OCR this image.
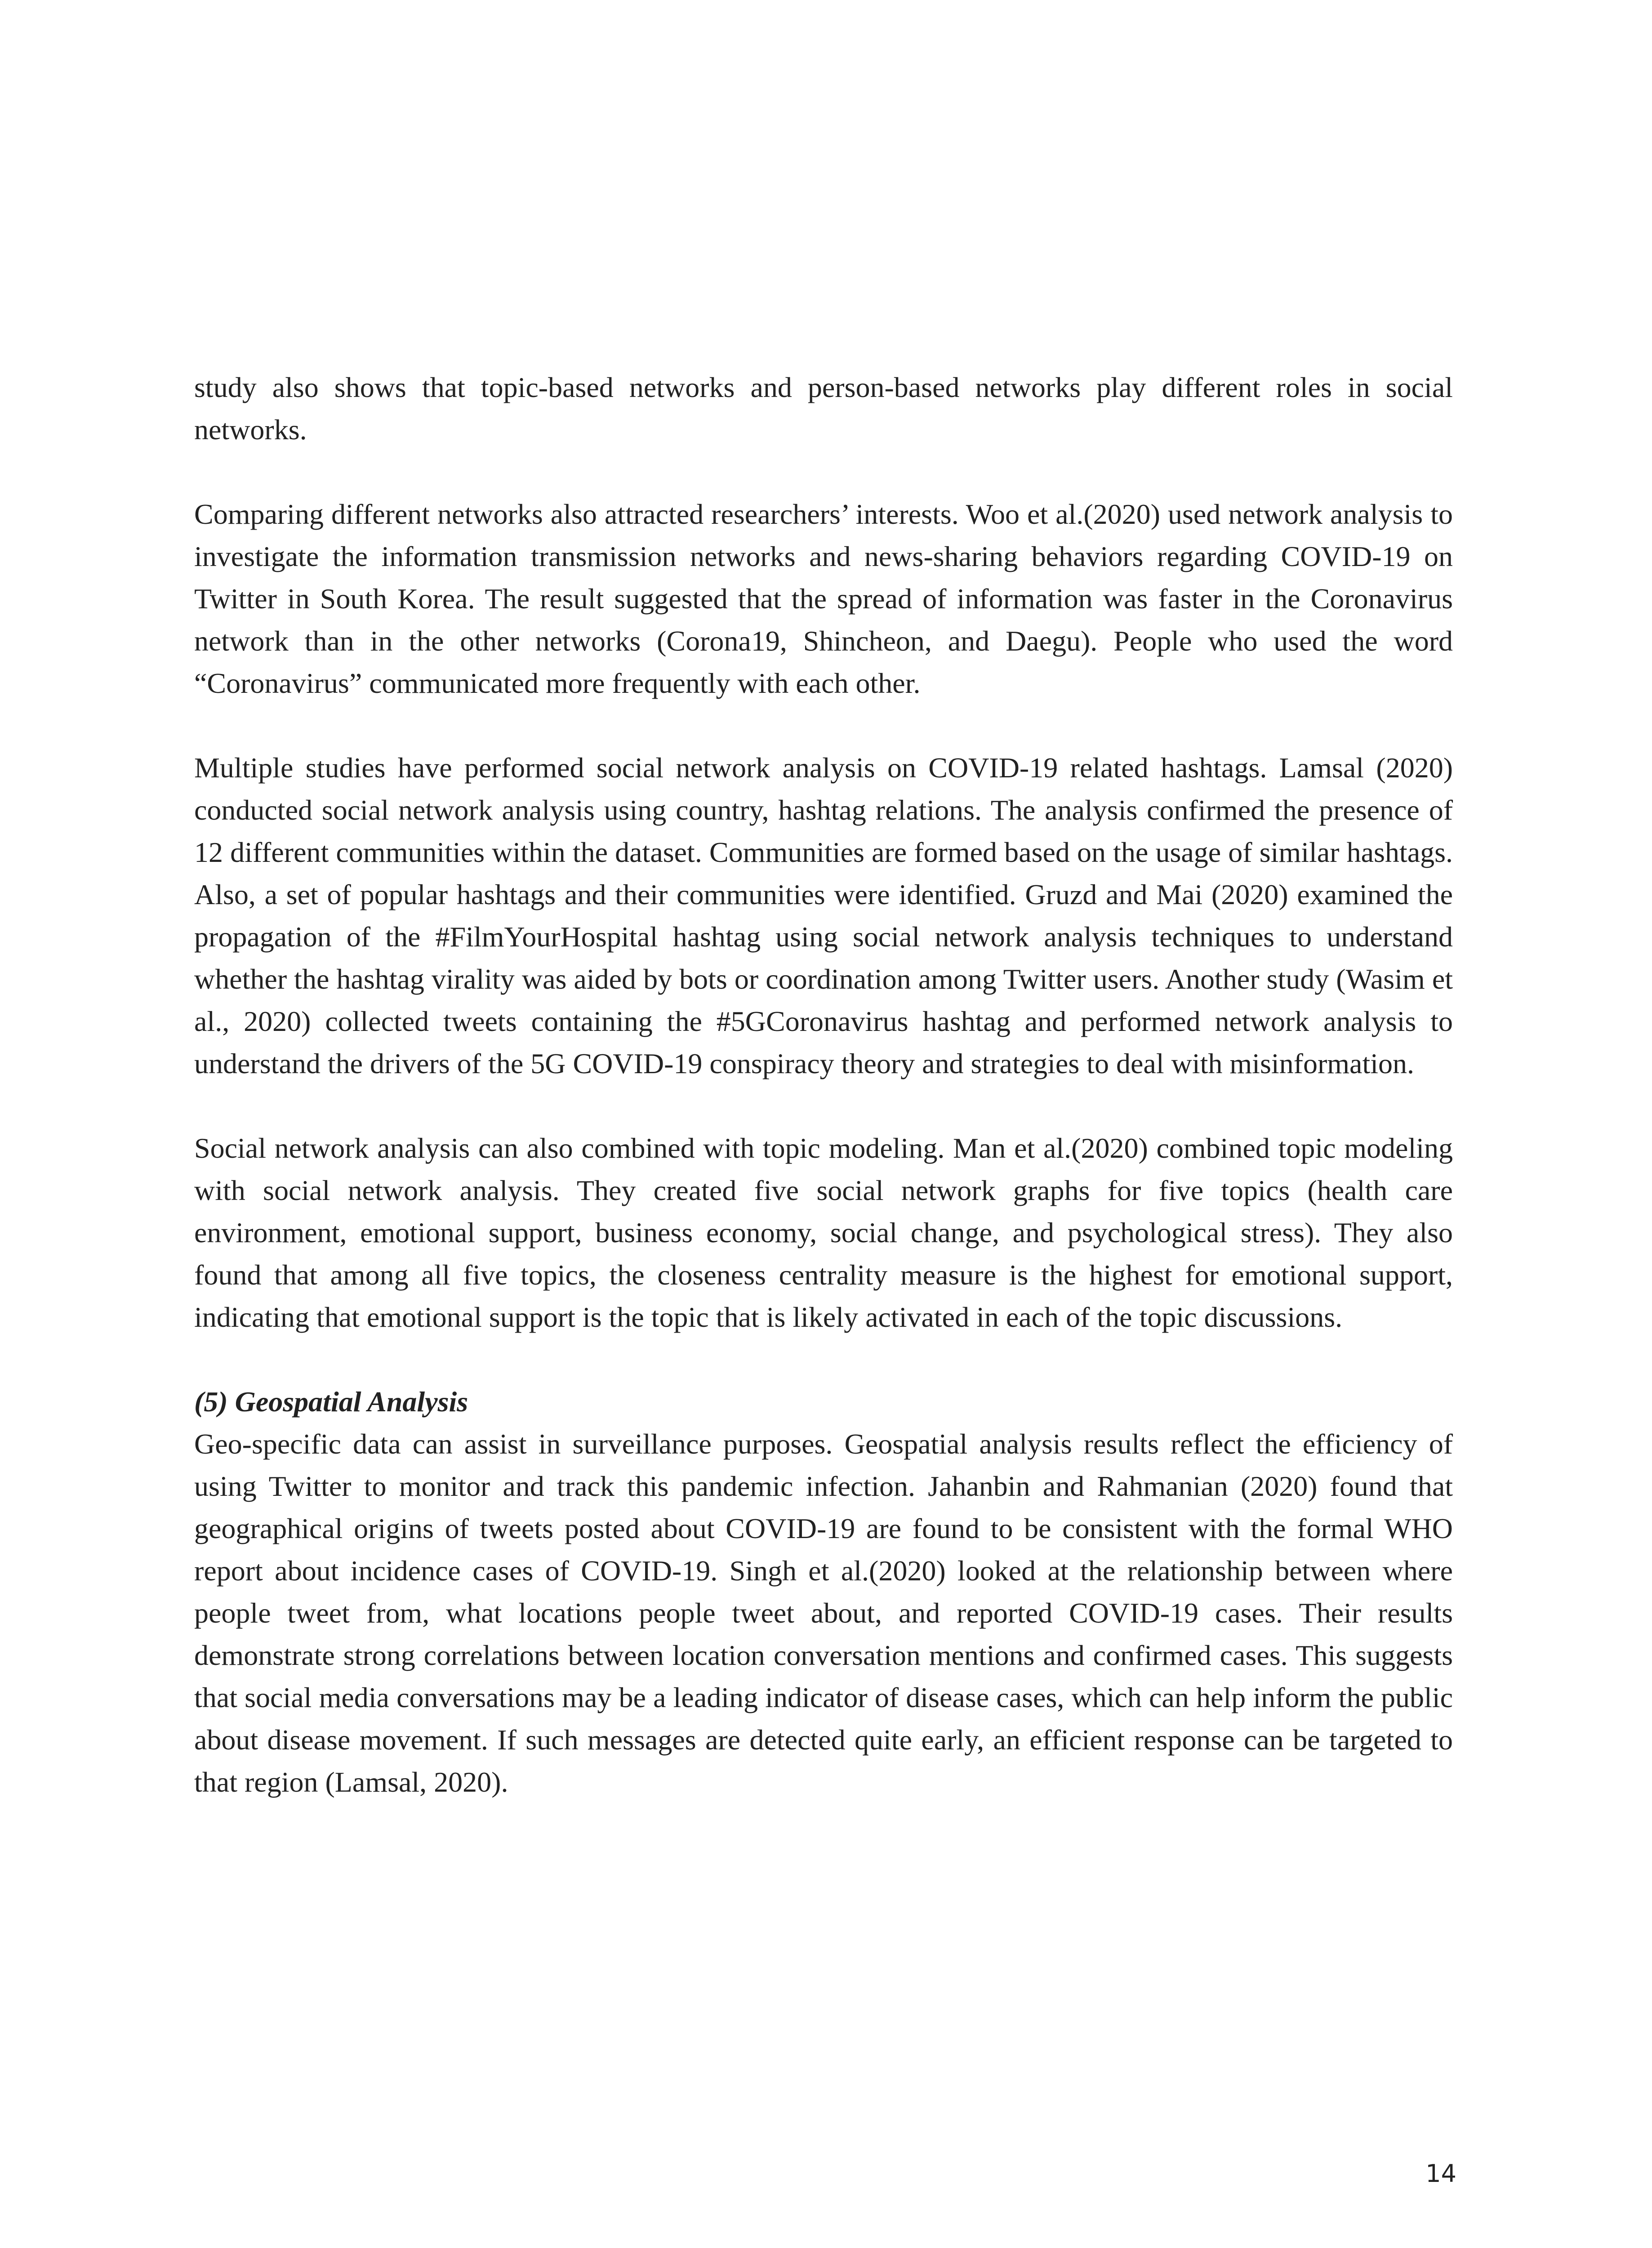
study also shows that topic-based networks and person-based networks play different roles in social networks.

Comparing different networks also attracted researchers’ interests. Woo et al.(2020) used network analysis to investigate the information transmission networks and news-sharing behaviors regarding COVID-19 on Twitter in South Korea. The result suggested that the spread of information was faster in the Coronavirus network than in the other networks (Corona19, Shincheon, and Daegu). People who used the word “Coronavirus” communicated more frequently with each other.

Multiple studies have performed social network analysis on COVID-19 related hashtags. Lamsal (2020) conducted social network analysis using country, hashtag relations. The analysis confirmed the presence of 12 different communities within the dataset. Communities are formed based on the usage of similar hashtags. Also, a set of popular hashtags and their communities were identified. Gruzd and Mai (2020) examined the propagation of the #FilmYourHospital hashtag using social network analysis techniques to understand whether the hashtag virality was aided by bots or coordination among Twitter users. Another study (Wasim et al., 2020) collected tweets containing the #5GCoronavirus hashtag and performed network analysis to understand the drivers of the 5G COVID-19 conspiracy theory and strategies to deal with misinformation.

Social network analysis can also combined with topic modeling. Man et al.(2020) combined topic modeling with social network analysis. They created five social network graphs for five topics (health care environment, emotional support, business economy, social change, and psychological stress). They also found that among all five topics, the closeness centrality measure is the highest for emotional support, indicating that emotional support is the topic that is likely activated in each of the topic discussions.

(5) Geospatial Analysis

Geo-specific data can assist in surveillance purposes. Geospatial analysis results reflect the efficiency of using Twitter to monitor and track this pandemic infection. Jahanbin and Rahmanian (2020) found that geographical origins of tweets posted about COVID-19 are found to be consistent with the formal WHO report about incidence cases of COVID-19. Singh et al.(2020) looked at the relationship between where people tweet from, what locations people tweet about, and reported COVID-19 cases. Their results demonstrate strong correlations between location conversation mentions and confirmed cases. This suggests that social media conversations may be a leading indicator of disease cases, which can help inform the public about disease movement. If such messages are detected quite early, an efficient response can be targeted to that region (Lamsal, 2020).

14
